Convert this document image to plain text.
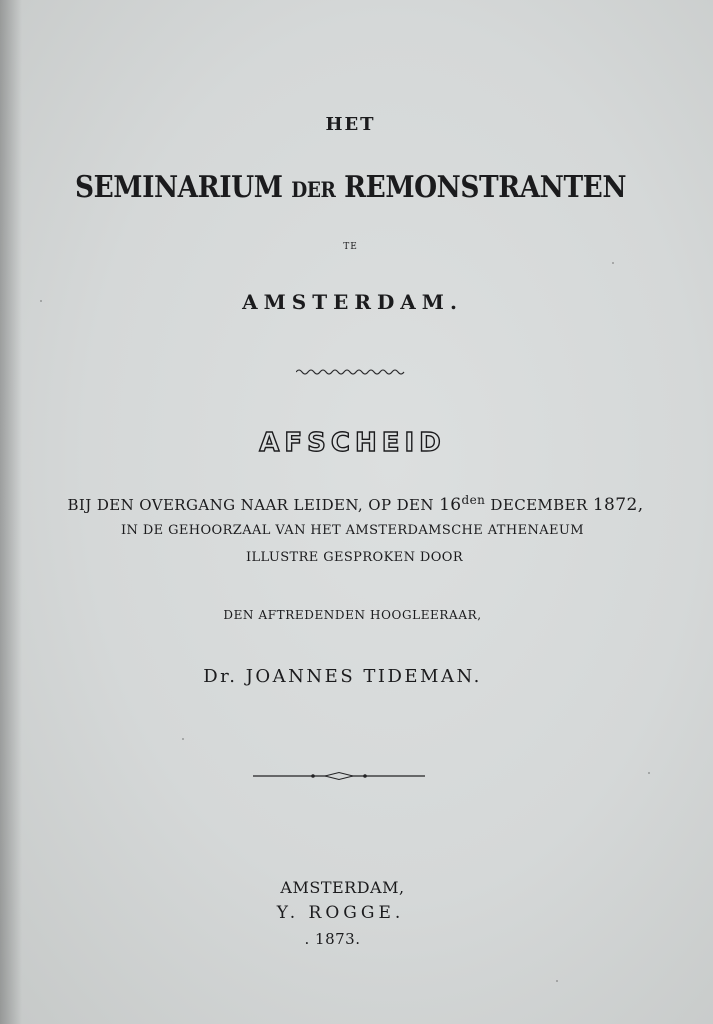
HET
SEMINARIUM DER REMONSTRANTEN
TE
AMSTERDAM.
AFSCHEID
BIJ DEN OVERGANG NAAR LEIDEN, OP DEN $16^{den}$ DECEMBER 1872,
IN DE GEHOORZAAL VAN HET AMSTERDAMSCHE ATHENAEUM
ILLUSTRE GESPROKEN DOOR
DEN AFTREDENDEN HOOGLEERAAR,
Dr. JOANNES TIDEMAN.
AMSTERDAM,
Y. ROGGE.
. 1873.
